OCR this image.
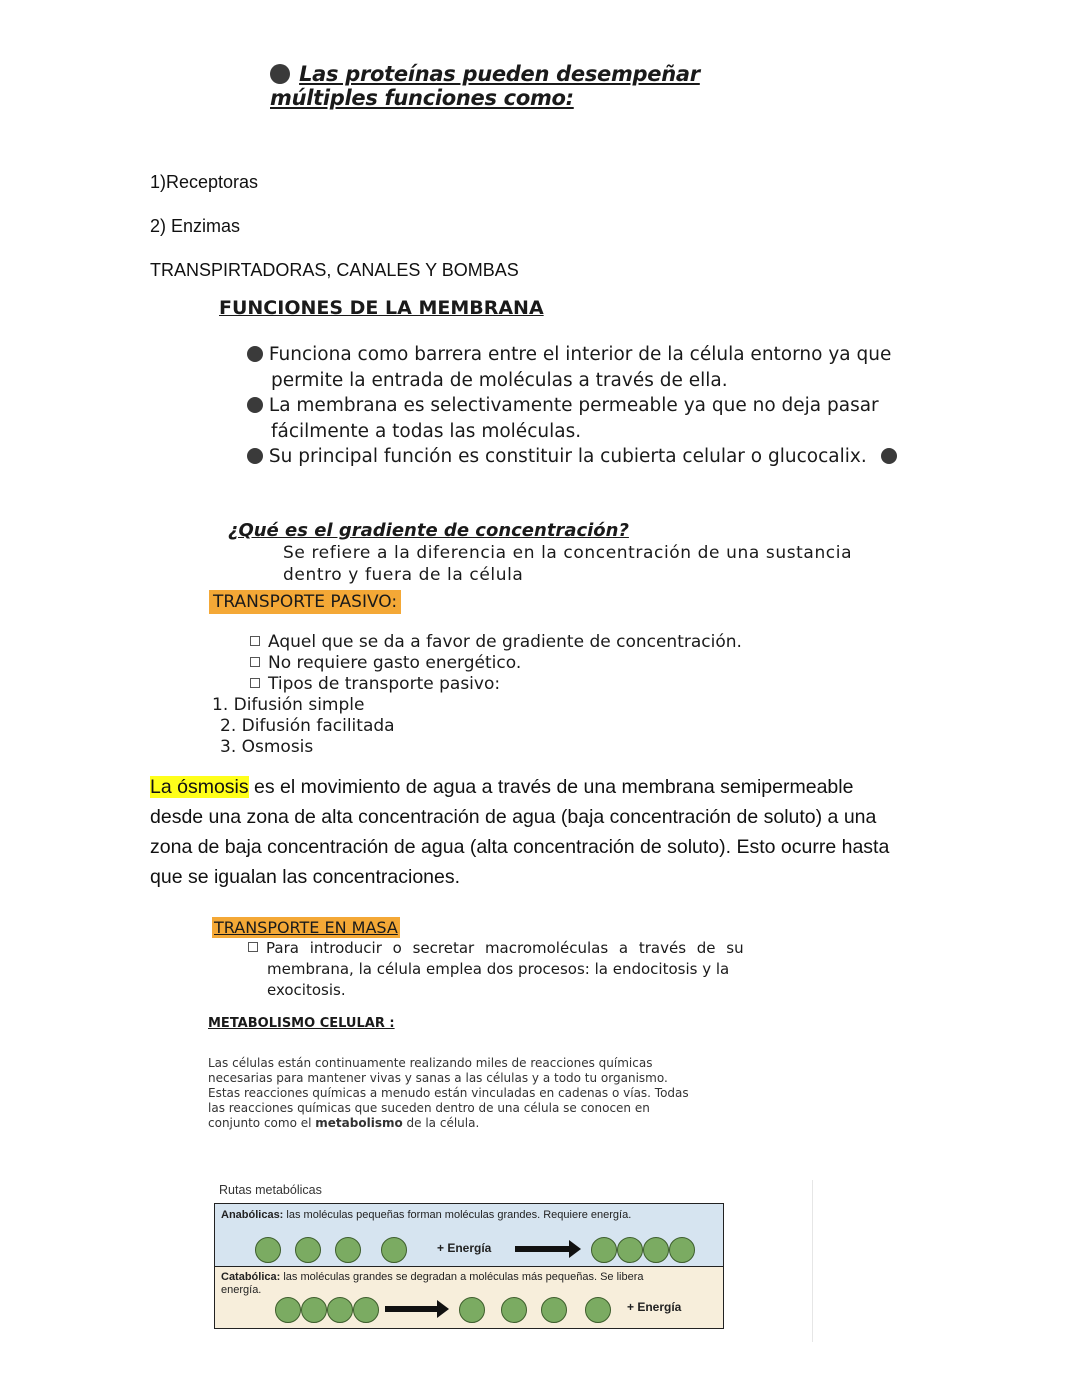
Las proteínas pueden desempeñar múltiples funciones como:
1)Receptoras
2) Enzimas
TRANSPIRTADORAS, CANALES Y BOMBAS
FUNCIONES DE LA MEMBRANA
Funciona como barrera entre el interior de la célula entorno ya que
permite la entrada de moléculas a través de ella.
La membrana es selectivamente permeable ya que no deja pasar
fácilmente a todas las moléculas.
Su principal función es constituir la cubierta celular o glucocalix.
¿Qué es el gradiente de concentración?
Se refiere a la diferencia en la concentración de una sustancia
dentro y fuera de la célula
TRANSPORTE PASIVO:
Aquel que se da a favor de gradiente de concentración.
No requiere gasto energético.
Tipos de transporte pasivo:
1. Difusión simple
2. Difusión facilitada
3. Osmosis
La ósmosis es el movimiento de agua a través de una membrana semipermeable
desde una zona de alta concentración de agua (baja concentración de soluto) a una
zona de baja concentración de agua (alta concentración de soluto). Esto ocurre hasta
que se igualan las concentraciones.
TRANSPORTE EN MASA
Para introducir o secretar macromoléculas a través de su
membrana, la célula emplea dos procesos: la endocitosis y la
exocitosis.
METABOLISMO CELULAR :
Las células están continuamente realizando miles de reacciones químicas
necesarias para mantener vivas y sanas a las células y a todo tu organismo.
Estas reacciones químicas a menudo están vinculadas en cadenas o vías. Todas
las reacciones químicas que suceden dentro de una célula se conocen en
conjunto como el metabolismo de la célula.
Rutas metabólicas
Anabólicas: las moléculas pequeñas forman moléculas grandes. Requiere energía.
+ Energía
Catabólica: las moléculas grandes se degradan a moléculas más pequeñas. Se libera
energía.
+ Energía
